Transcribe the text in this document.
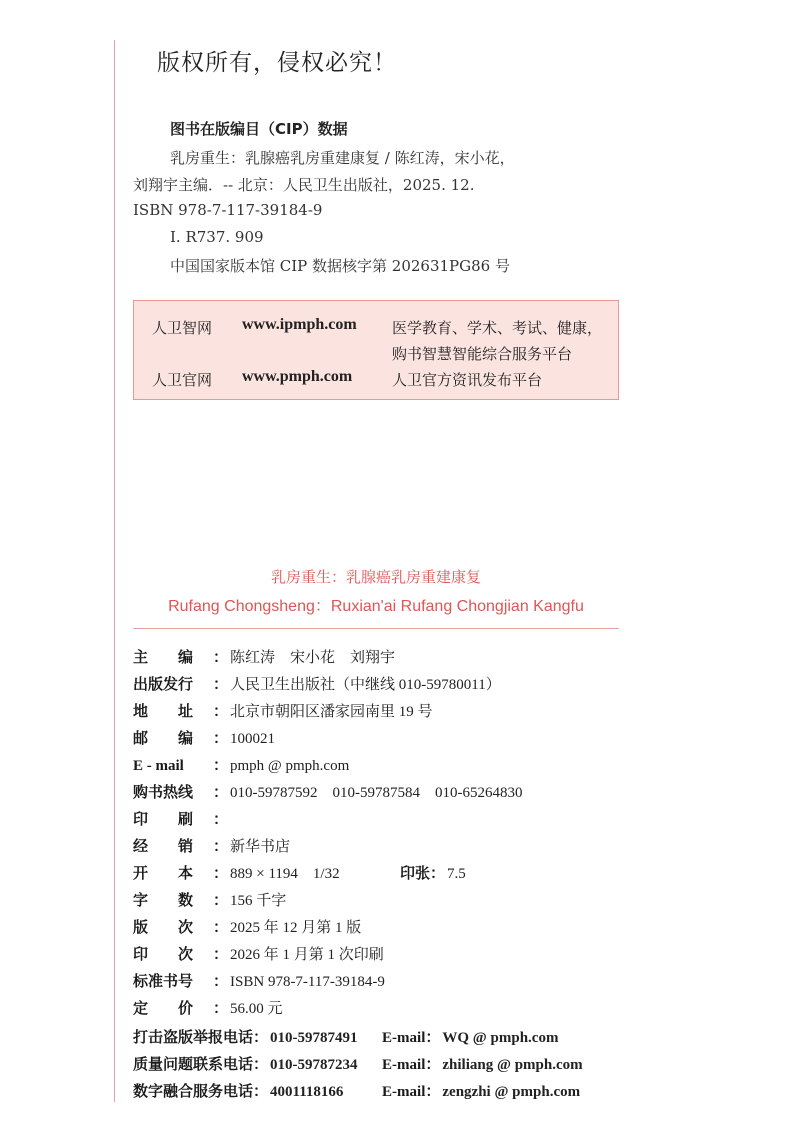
版权所有，侵权必究！
图书在版编目（CIP）数据
乳房重生：乳腺癌乳房重建康复 / 陈红涛，宋小花，
刘翔宇主编．-- 北京：人民卫生出版社，2025. 12.
ISBN 978-7-117-39184-9
Ⅰ. R737. 909
中国国家版本馆 CIP 数据核字第 202631PG86 号
人卫智网 www.ipmph.com 医学教育、学术、考试、健康，
购书智慧智能综合服务平台
人卫官网 www.pmph.com	人卫官方资讯发布平台
乳房重生：乳腺癌乳房重建康复
Rufang Chongsheng：Ruxian'ai Rufang Chongjian Kangfu
主　　编	： 陈红涛　宋小花　刘翔宇
出版发行	： 人民卫生出版社（中继线 010-59780011）
地　　址	： 北京市朝阳区潘家园南里 19 号
邮　　编	： 100021
E - mail	： pmph @ pmph.com
购书热线	： 010-59787592　010-59787584　010-65264830
印　　刷	：
经　　销	： 新华书店
开　　本	： 889 × 1194　1/32	印张 ： 7.5
字　　数	： 156 千字
版　　次	： 2025 年 12 月第 1 版
印　　次	： 2026 年 1 月第 1 次印刷
标准书号	： ISBN 978-7-117-39184-9
定　　价	： 56.00 元
打击盗版举报电话 ： 010-59787491	E-mail ： WQ @ pmph.com
质量问题联系电话 ： 010-59787234	E-mail ： zhiliang @ pmph.com
数字融合服务电话 ： 4001118166	E-mail ： zengzhi @ pmph.com
